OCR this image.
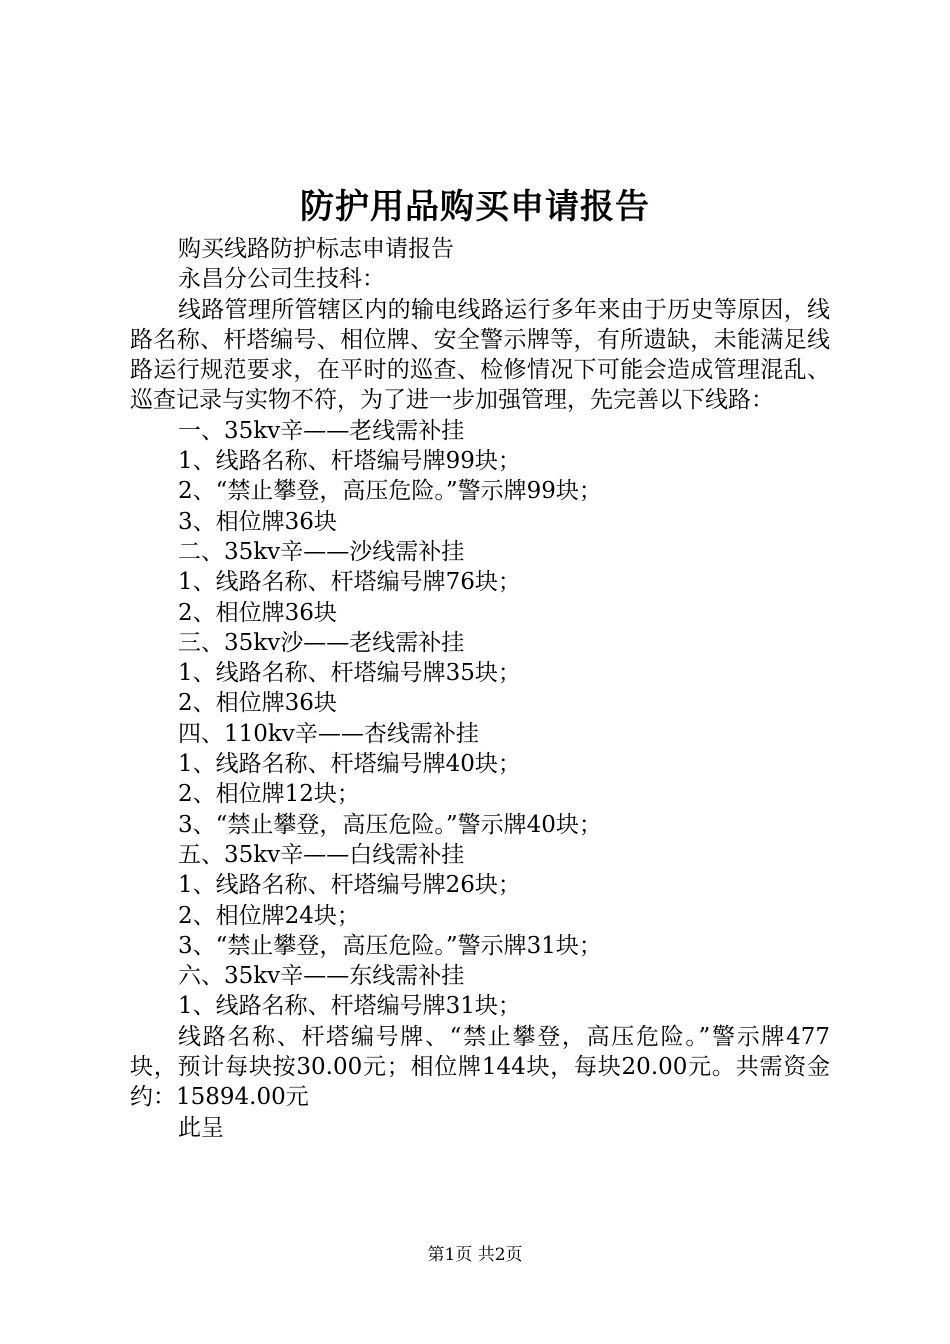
防护用品购买申请报告

购买线路防护标志申请报告

永昌分公司生技科：

线路管理所管辖区内的输电线路运行多年来由于历史等原因，线路名称、杆塔编号、相位牌、安全警示牌等，有所遗缺，未能满足线路运行规范要求，在平时的巡查、检修情况下可能会造成管理混乱、巡查记录与实物不符，为了进一步加强管理，先完善以下线路：

一、35kv辛——老线需补挂

1、线路名称、杆塔编号牌99块；

2、“禁止攀登，高压危险。”警示牌99块；

3、相位牌36块

二、35kv辛——沙线需补挂

1、线路名称、杆塔编号牌76块；

2、相位牌36块

三、35kv沙——老线需补挂

1、线路名称、杆塔编号牌35块；

2、相位牌36块

四、110kv辛——杏线需补挂

1、线路名称、杆塔编号牌40块；

2、相位牌12块；

3、“禁止攀登，高压危险。”警示牌40块；

五、35kv辛——白线需补挂

1、线路名称、杆塔编号牌26块；

2、相位牌24块；

3、“禁止攀登，高压危险。”警示牌31块；

六、35kv辛——东线需补挂

1、线路名称、杆塔编号牌31块；

线路名称、杆塔编号牌、“禁止攀登，高压危险。”警示牌477块，预计每块按30.00元；相位牌144块，每块20.00元。共需资金约：15894.00元

此呈

第1页 共2页
